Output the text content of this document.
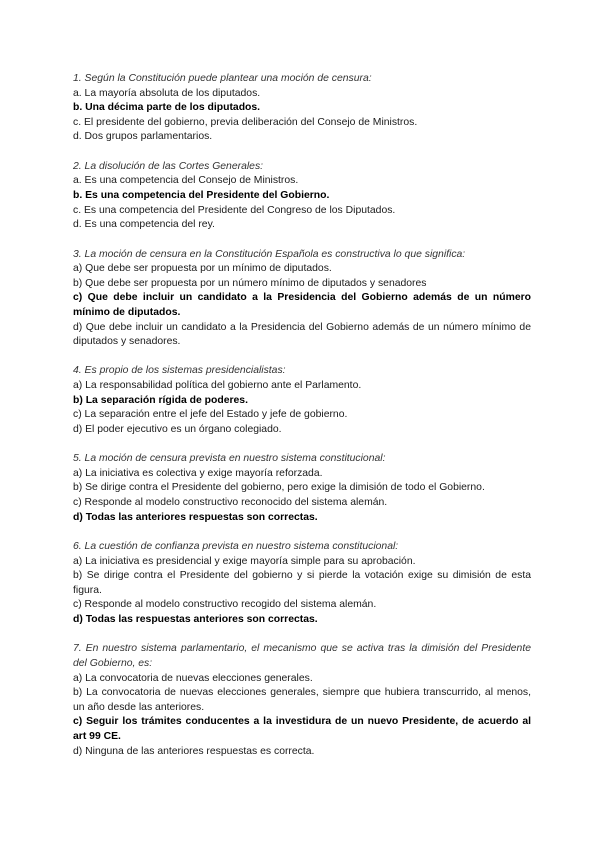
1. Según la Constitución puede plantear una moción de censura:
a. La mayoría absoluta de los diputados.
b. Una décima parte de los diputados.
c. El presidente del gobierno, previa deliberación del Consejo de Ministros.
d. Dos grupos parlamentarios.
2. La disolución de las Cortes Generales:
a. Es una competencia del Consejo de Ministros.
b. Es una competencia del Presidente del Gobierno.
c. Es una competencia del Presidente del Congreso de los Diputados.
d. Es una competencia del rey.
3. La moción de censura en la Constitución Española es constructiva lo que significa:
a) Que debe ser propuesta por un mínimo de diputados.
b) Que debe ser propuesta por un número mínimo de diputados y senadores
c) Que debe incluir un candidato a la Presidencia del Gobierno además de un número mínimo de diputados.
d) Que debe incluir un candidato a la Presidencia del Gobierno además de un número mínimo de diputados y senadores.
4. Es propio de los sistemas presidencialistas:
a) La responsabilidad política del gobierno ante el Parlamento.
b) La separación rígida de poderes.
c) La separación entre el jefe del Estado y jefe de gobierno.
d) El poder ejecutivo es un órgano colegiado.
5. La moción de censura prevista en nuestro sistema constitucional:
a) La iniciativa es colectiva y exige mayoría reforzada.
b) Se dirige contra el Presidente del gobierno, pero exige la dimisión de todo el Gobierno.
c) Responde al modelo constructivo reconocido del sistema alemán.
d) Todas las anteriores respuestas son correctas.
6. La cuestión de confianza prevista en nuestro sistema constitucional:
a) La iniciativa es presidencial y exige mayoría simple para su aprobación.
b) Se dirige contra el Presidente del gobierno y si pierde la votación exige su dimisión de esta figura.
c) Responde al modelo constructivo recogido del sistema alemán.
d) Todas las respuestas anteriores son correctas.
7. En nuestro sistema parlamentario, el mecanismo que se activa tras la dimisión del Presidente del Gobierno, es:
a) La convocatoria de nuevas elecciones generales.
b) La convocatoria de nuevas elecciones generales, siempre que hubiera transcurrido, al menos, un año desde las anteriores.
c) Seguir los trámites conducentes a la investidura de un nuevo Presidente, de acuerdo al art 99 CE.
d) Ninguna de las anteriores respuestas es correcta.
